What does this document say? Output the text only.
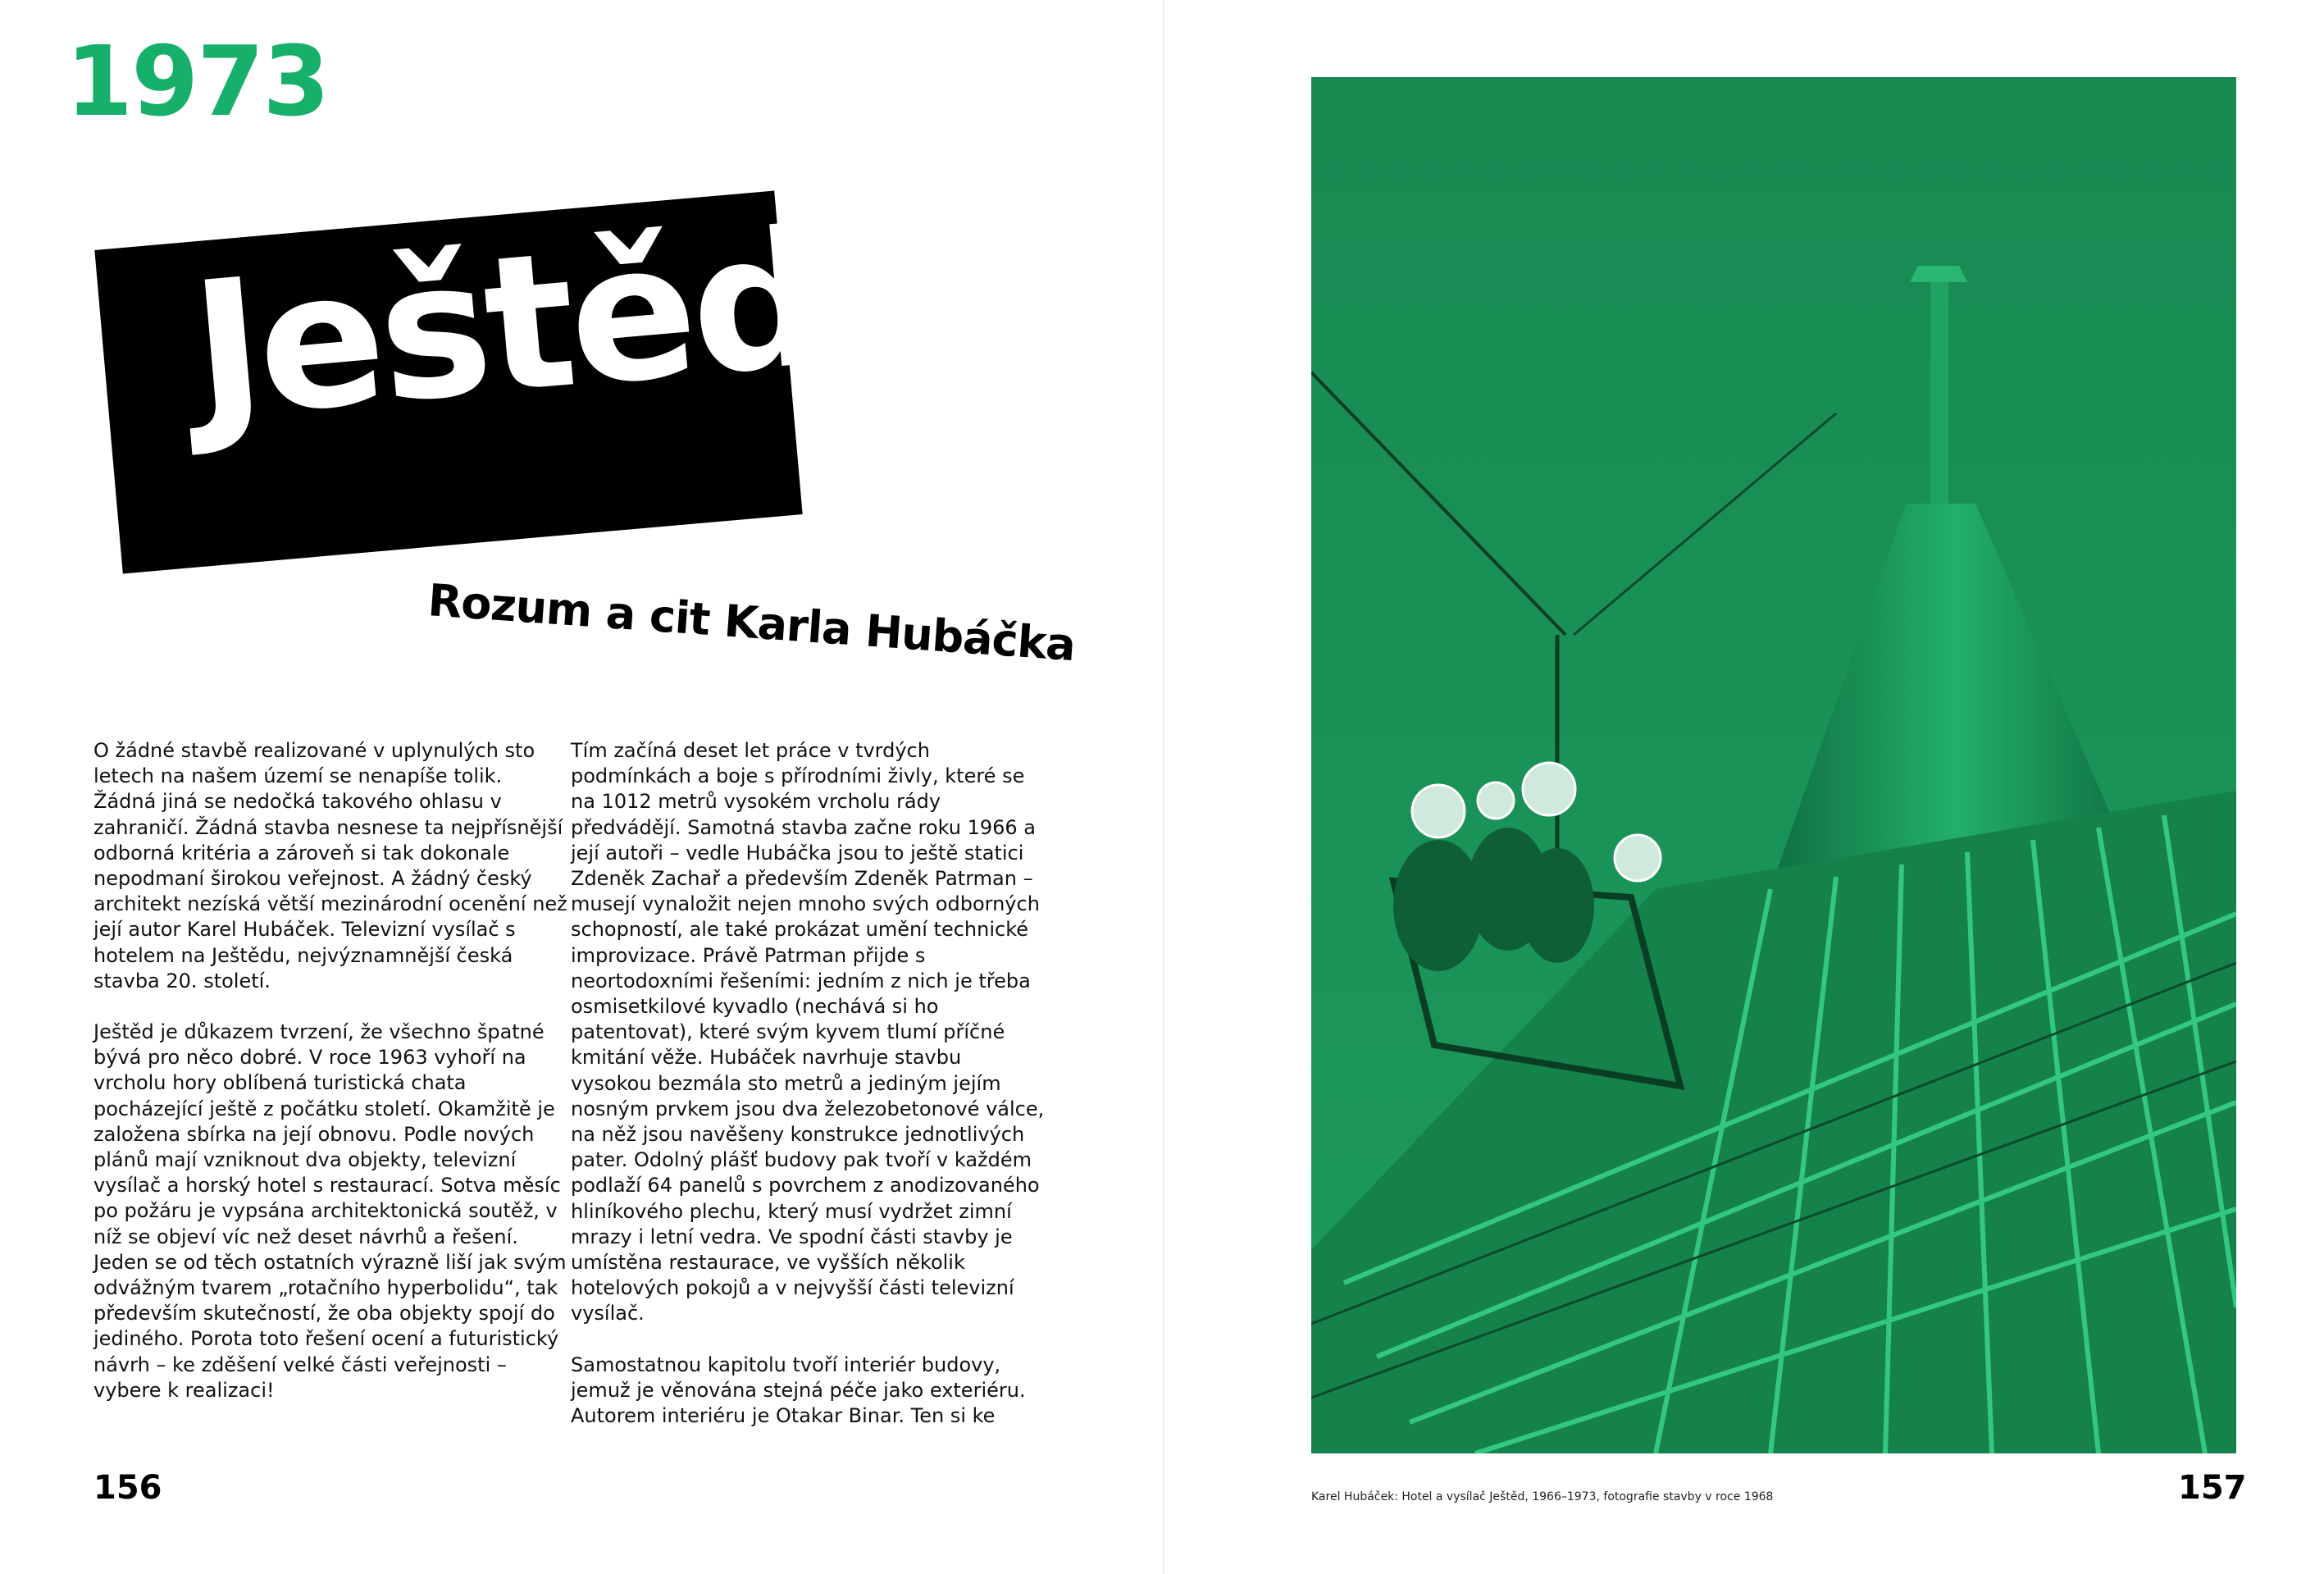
1973
Ještěd
Rozum a cit Karla Hubáčka

O žádné stavbě realizované v uplynulých sto letech na našem území se nenapíše tolik. Žádná jiná se nedočká takového ohlasu v zahraničí. Žádná stavba nesnese ta nejpřísnější odborná kritéria a zároveň si tak dokonale nepodmaní širokou veřejnost. A žádný český architekt nezíská větší mezinárodní ocenění než její autor Karel Hubáček. Televizní vysílač s hotelem na Ještědu, nejvýznamnější česká stavba 20. století.

Ještěd je důkazem tvrzení, že všechno špatné bývá pro něco dobré. V roce 1963 vyhoří na vrcholu hory oblíbená turistická chata pocházející ještě z počátku století. Okamžitě je založena sbírka na její obnovu. Podle nových plánů mají vzniknout dva objekty, televizní vysílač a horský hotel s restaurací. Sotva měsíc po požáru je vypsána architektonická soutěž, v níž se objeví víc než deset návrhů a řešení. Jeden se od těch ostatních výrazně liší jak svým odvážným tvarem „rotačního hyperbolidu“, tak především skutečností, že oba objekty spojí do jediného. Porota toto řešení ocení a futuristický návrh – ke zděšení velké části veřejnosti – vybere k realizaci!

Tím začíná deset let práce v tvrdých podmínkách a boje s přírodními živly, které se na 1012 metrů vysokém vrcholu rády předvádějí. Samotná stavba začne roku 1966 a její autoři – vedle Hubáčka jsou to ještě statici Zdeněk Zachař a především Zdeněk Patrman – musejí vynaložit nejen mnoho svých odborných schopností, ale také prokázat umění technické improvizace. Právě Patrman přijde s neortodoxními řešeními: jedním z nich je třeba osmisetkilové kyvadlo (nechává si ho patentovat), které svým kyvem tlumí příčné kmitání věže. Hubáček navrhuje stavbu vysokou bezmála sto metrů a jediným jejím nosným prvkem jsou dva železobetonové válce, na něž jsou navěšeny konstrukce jednotlivých pater. Odolný plášť budovy pak tvoří v každém podlaží 64 panelů s povrchem z anodizovaného hliníkového plechu, který musí vydržet zimní mrazy i letní vedra. Ve spodní části stavby je umístěna restaurace, ve vyšších několik hotelových pokojů a v nejvyšší části televizní vysílač.

Samostatnou kapitolu tvoří interiér budovy, jemuž je věnována stejná péče jako exteriéru. Autorem interiéru je Otakar Binar. Ten si ke

156	Karel Hubáček: Hotel a vysílač Ještěd, 1966–1973, fotografie stavby v roce 1968	157
